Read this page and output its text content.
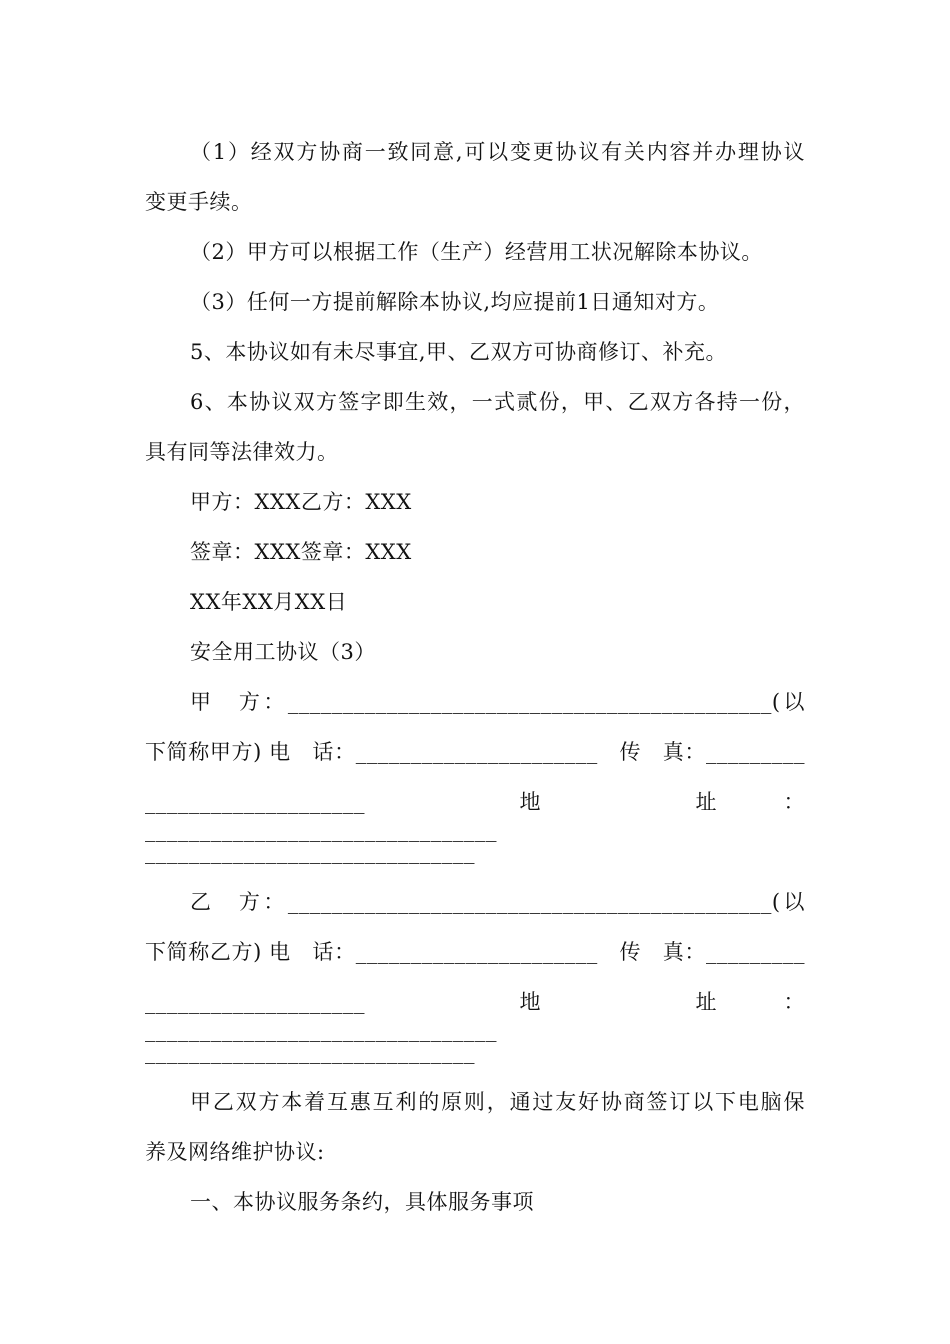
（1）经双方协商一致同意,可以变更协议有关内容并办理协议
变更手续。
（2）甲方可以根据工作（生产）经营用工状况解除本协议。
（3）任何一方提前解除本协议,均应提前1日通知对方。
5、本协议如有未尽事宜,甲、乙双方可协商修订、补充。
6、本协议双方签字即生效，一式贰份，甲、乙双方各持一份，
具有同等法律效力。
甲方：XXX乙方：XXX
签章：XXX签章：XXX
XX年XX月XX日
安全用工协议（3）
甲　方：____________________________________________(以
下简称甲方) 电　话：______________________　传　真：_________
____________________　地　址：________________________________
______________________________
乙　方：____________________________________________(以
下简称乙方) 电　话：______________________　传　真：_________
____________________　地　址：________________________________
______________________________
甲乙双方本着互惠互利的原则，通过友好协商签订以下电脑保
养及网络维护协议:
一、本协议服务条约，具体服务事项
